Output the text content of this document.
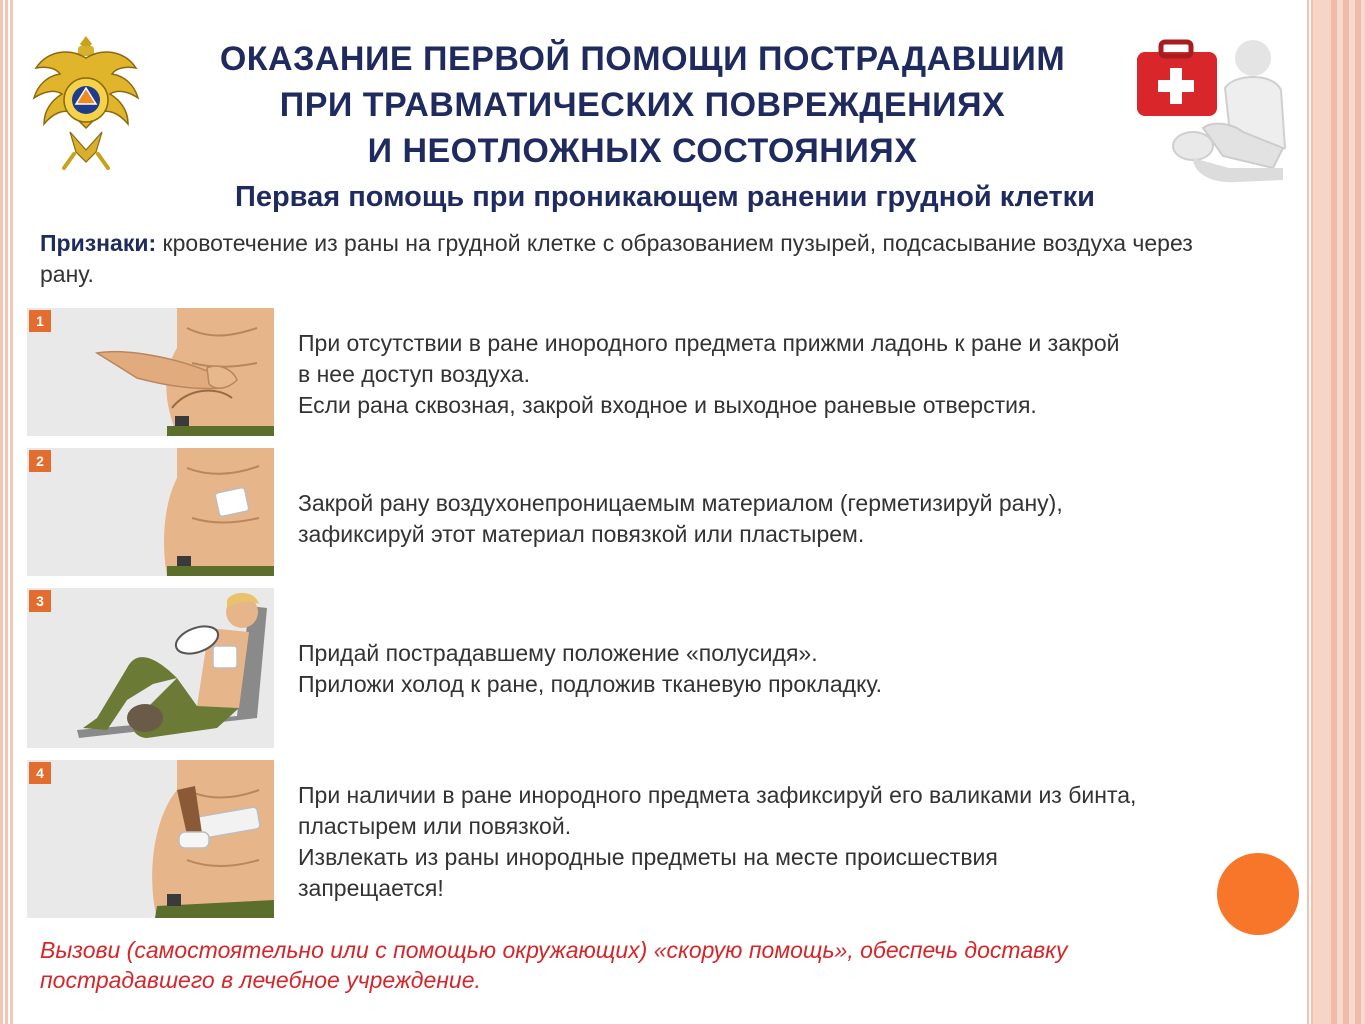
ОКАЗАНИЕ ПЕРВОЙ ПОМОЩИ ПОСТРАДАВШИМ
ПРИ ТРАВМАТИЧЕСКИХ ПОВРЕЖДЕНИЯХ
И НЕОТЛОЖНЫХ СОСТОЯНИЯХ
Первая помощь при проникающем ранении грудной клетки
Признаки: кровотечение из раны на грудной клетке с образованием пузырей, подсасывание воздуха через рану.
1
При отсутствии в ране инородного предмета прижми ладонь к ране и закрой
в нее доступ воздуха.
Если рана сквозная, закрой входное и выходное раневые отверстия.
2
Закрой рану воздухонепроницаемым материалом (герметизируй рану),
зафиксируй этот материал повязкой или пластырем.
3
Придай пострадавшему положение «полусидя».
Приложи холод к ране, подложив тканевую прокладку.
4
При наличии в ране инородного предмета зафиксируй его валиками из бинта,
пластырем или повязкой.
Извлекать из раны инородные предметы на месте происшествия
запрещается!
Вызови (самостоятельно или с помощью окружающих) «скорую помощь», обеспечь доставку
пострадавшего в лечебное учреждение.
